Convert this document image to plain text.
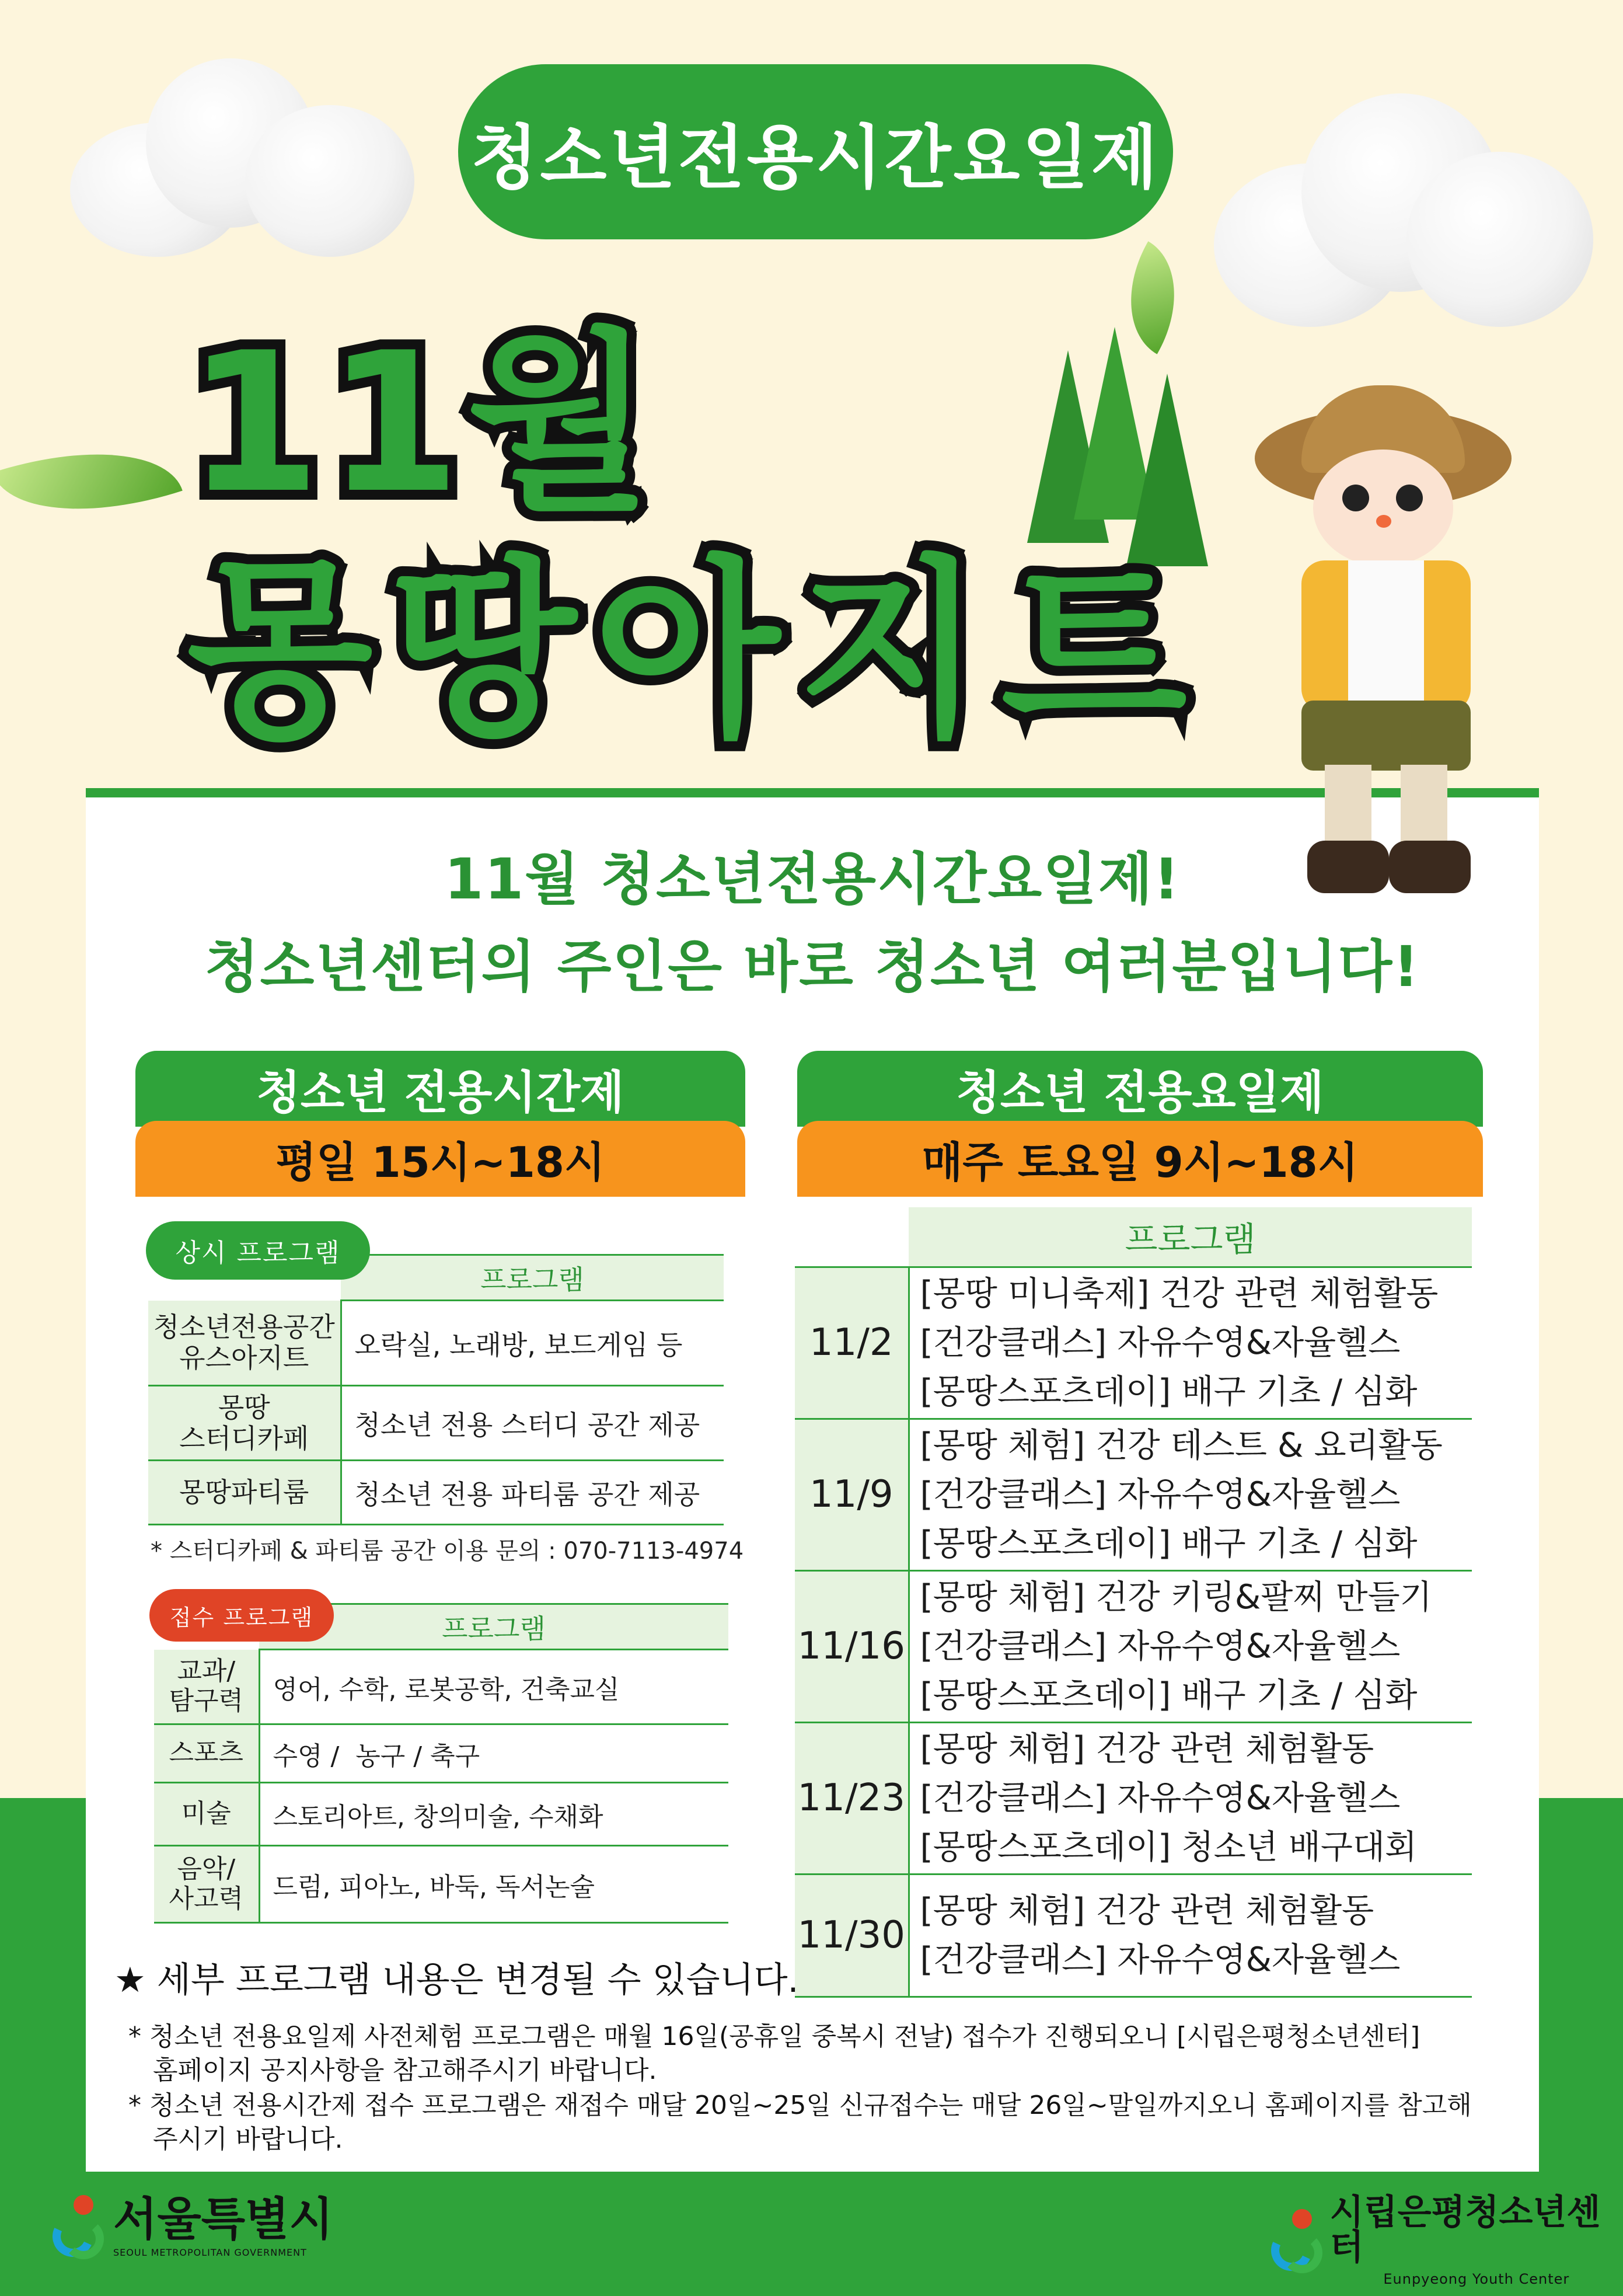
청소년전용시간요일제
11월
몽땅아지트
11월 청소년전용시간요일제!
청소년센터의 주인은 바로 청소년 여러분입니다!
청소년 전용시간제
평일 15시~18시
상시 프로그램
	프로그램
청소년전용공간
유스아지트	오락실, 노래방, 보드게임 등
몽땅
스터디카페	청소년 전용 스터디 공간 제공
몽땅파티룸	청소년 전용 파티룸 공간 제공
* 스터디카페 & 파티룸 공간 이용 문의 : 070-7113-4974
접수 프로그램
		프로그램
교과/
탐구력	영어, 수학, 로봇공학, 건축교실
스포츠	수영 /  농구 / 축구
미술	스토리아트, 창의미술, 수채화
음악/
사고력	드럼, 피아노, 바둑, 독서논술
청소년 전용요일제
매주 토요일 9시~18시
	프로그램
11/2	[몽땅 미니축제] 건강 관련 체험활동
[건강클래스] 자유수영&자율헬스
[몽땅스포츠데이] 배구 기초 / 심화

11/9	[몽땅 체험] 건강 테스트 & 요리활동
[건강클래스] 자유수영&자율헬스
[몽땅스포츠데이] 배구 기초 / 심화

11/16	[몽땅 체험] 건강 키링&팔찌 만들기
[건강클래스] 자유수영&자율헬스
[몽땅스포츠데이] 배구 기초 / 심화

11/23	[몽땅 체험] 건강 관련 체험활동
[건강클래스] 자유수영&자율헬스
[몽땅스포츠데이] 청소년 배구대회

11/30	[몽땅 체험] 건강 관련 체험활동
[건강클래스] 자유수영&자율헬스
★ 세부 프로그램 내용은 변경될 수 있습니다.
* 청소년 전용요일제 사전체험 프로그램은 매월 16일(공휴일 중복시 전날) 접수가 진행되오니 [시립은평청소년센터]
홈페이지 공지사항을 참고해주시기 바랍니다.
* 청소년 전용시간제 접수 프로그램은 재접수 매달 20일~25일 신규접수는 매달 26일~말일까지오니 홈페이지를 참고해
주시기 바랍니다.
서울특별시
SEOUL METROPOLITAN GOVERNMENT
시립은평청소년센터
Eunpyeong Youth Center
